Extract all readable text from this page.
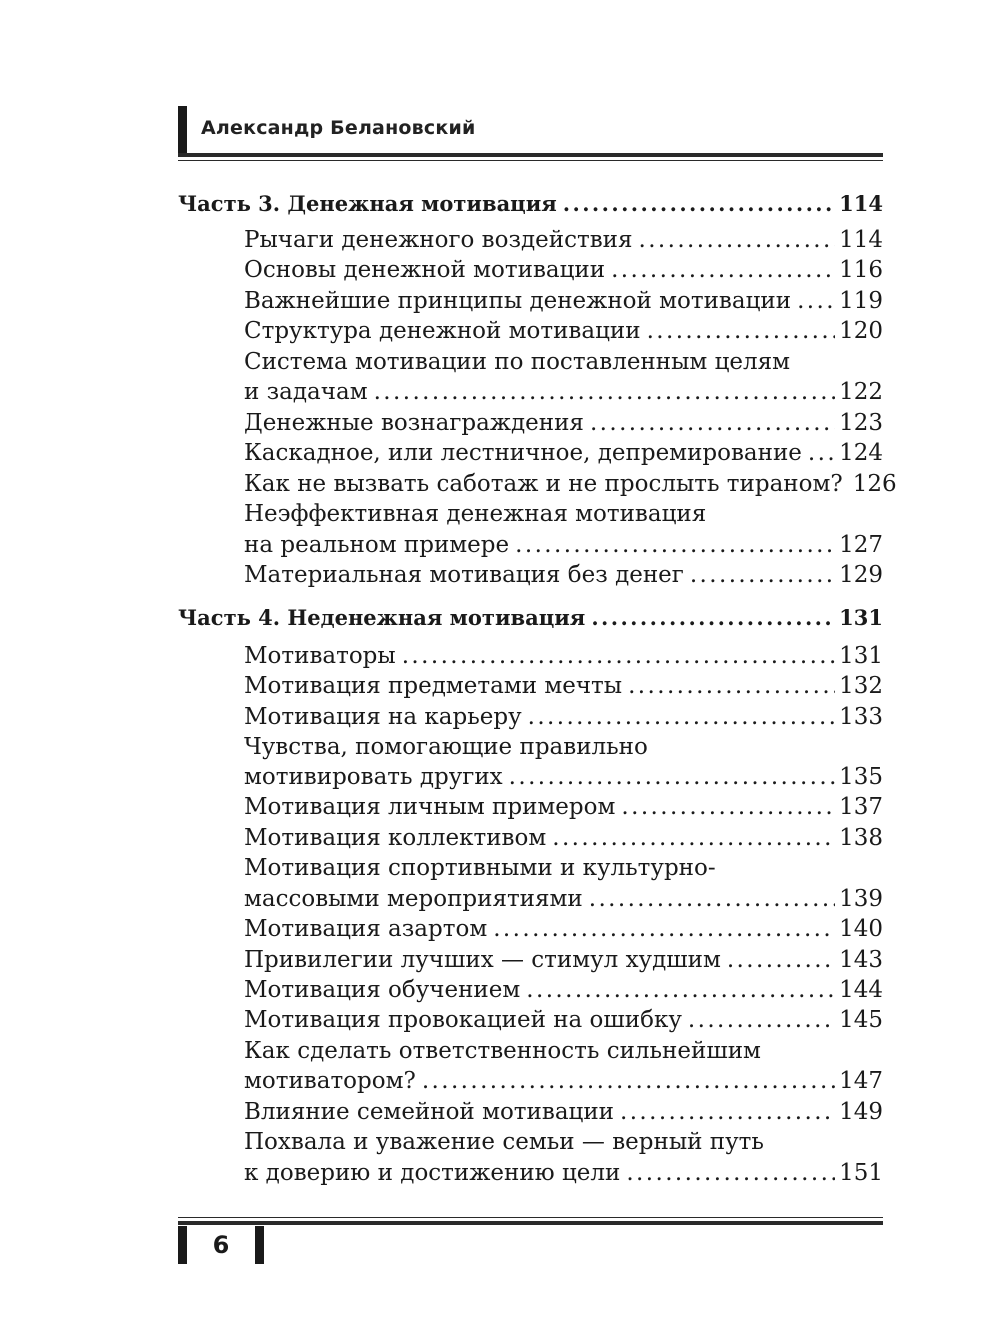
Александр Белановский
Часть 3. Денежная мотивация .....	114
Рычаги денежного воздействия .....	114
Основы денежной мотивации .....	116
Важнейшие принципы денежной мотивации ..... 119
Структура денежной мотивации .....	120
Система мотивации по поставленным целям
и задачам .....	122
Денежные вознаграждения .....	123
Каскадное, или лестничное, депремирование ..... 124
Как не вызвать саботаж и не прослыть тираном? 126
Неэффективная денежная мотивация
на реальном примере .....	127
Материальная мотивация без денег .....	129
Часть 4. Неденежная мотивация .....	131
Мотиваторы .....	131
Мотивация предметами мечты .....	132
Мотивация на карьеру .....	133
Чувства, помогающие правильно
мотивировать других .....	135
Мотивация личным примером .....	137
Мотивация коллективом .....	138
Мотивация спортивными и культурно-
массовыми мероприятиями .....	139
Мотивация азартом .....	140
Привилегии лучших — стимул худшим .....	143
Мотивация обучением .....	144
Мотивация провокацией на ошибку .....	145
Как сделать ответственность сильнейшим
мотиватором? .....	147
Влияние семейной мотивации .....	149
Похвала и уважение семьи — верный путь
к доверию и достижению цели .....	151
6
